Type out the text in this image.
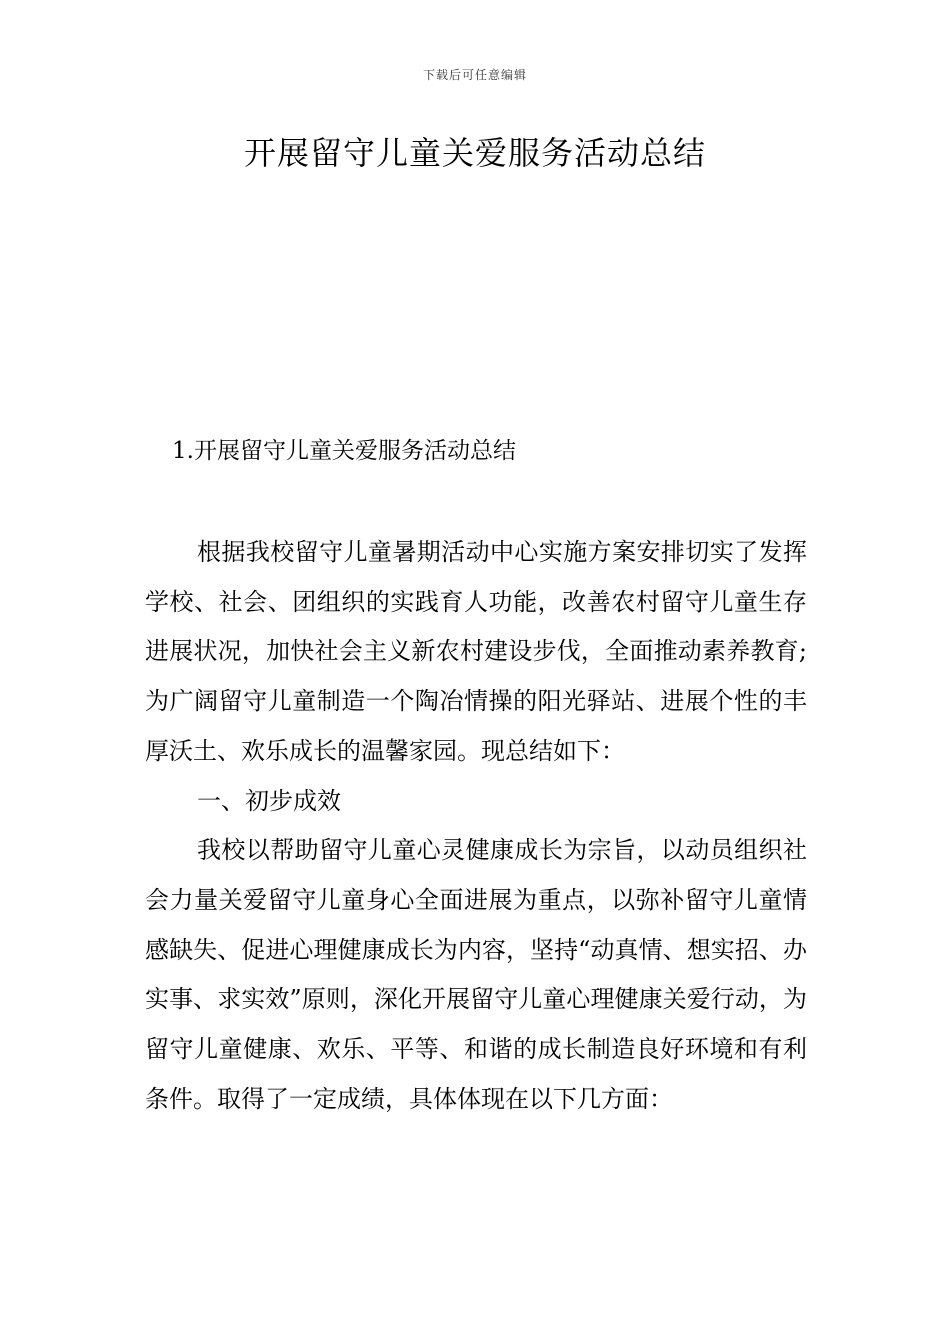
下载后可任意编辑
开展留守儿童关爱服务活动总结
1.开展留守儿童关爱服务活动总结

根据我校留守儿童暑期活动中心实施方案安排切实了发挥学校、社会、团组织的实践育人功能，改善农村留守儿童生存进展状况，加快社会主义新农村建设步伐，全面推动素养教育;为广阔留守儿童制造一个陶冶情操的阳光驿站、进展个性的丰厚沃土、欢乐成长的温馨家园。现总结如下：

一、初步成效

我校以帮助留守儿童心灵健康成长为宗旨，以动员组织社会力量关爱留守儿童身心全面进展为重点，以弥补留守儿童情感缺失、促进心理健康成长为内容，坚持“动真情、想实招、办实事、求实效”原则，深化开展留守儿童心理健康关爱行动，为留守儿童健康、欢乐、平等、和谐的成长制造良好环境和有利条件。取得了一定成绩，具体体现在以下几方面：
